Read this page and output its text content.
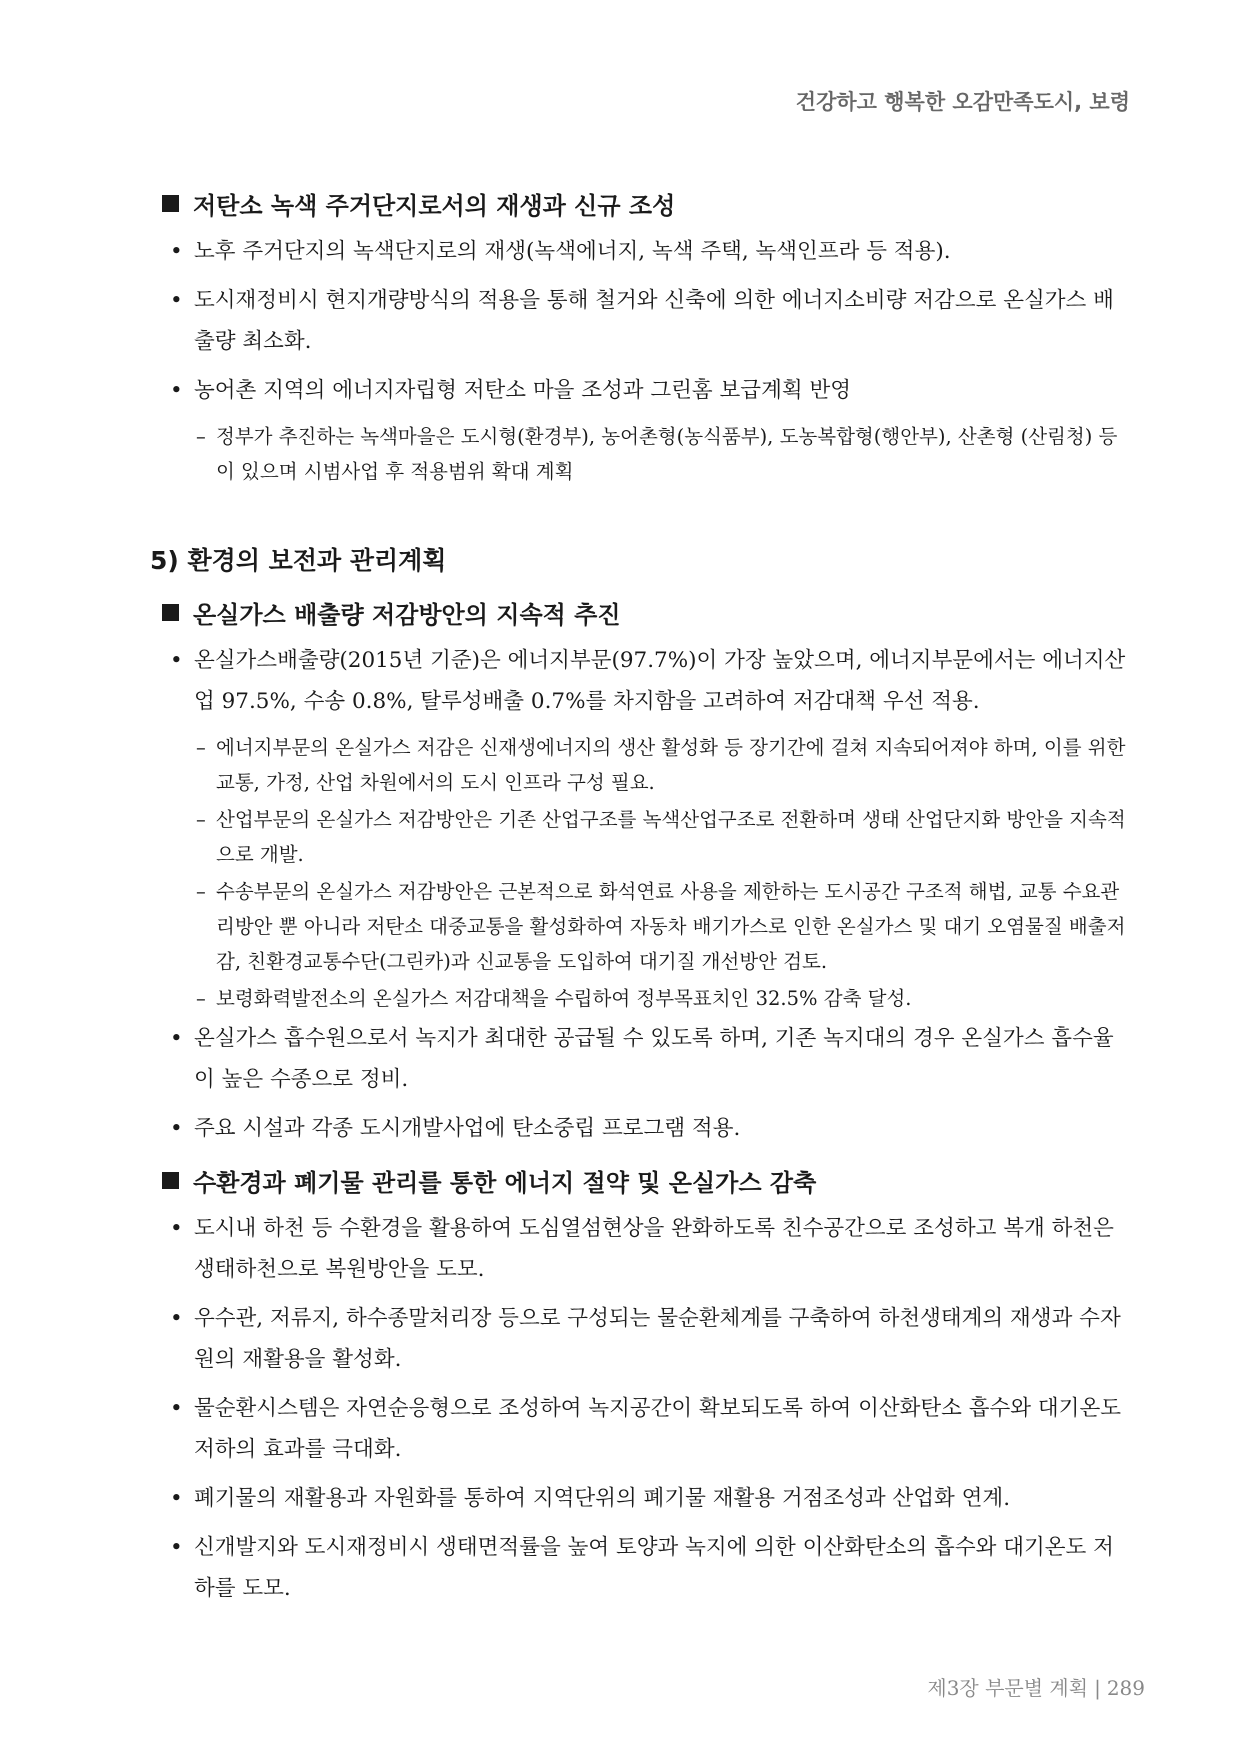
건강하고 행복한 오감만족도시, 보령
저탄소 녹색 주거단지로서의 재생과 신규 조성
• 노후 주거단지의 녹색단지로의 재생(녹색에너지, 녹색 주택, 녹색인프라 등 적용).
• 도시재정비시 현지개량방식의 적용을 통해 철거와 신축에 의한 에너지소비량 저감으로 온실가스 배출량 최소화.
• 농어촌 지역의 에너지자립형 저탄소 마을 조성과 그린홈 보급계획 반영
– 정부가 추진하는 녹색마을은 도시형(환경부), 농어촌형(농식품부), 도농복합형(행안부), 산촌형 (산림청) 등이 있으며 시범사업 후 적용범위 확대 계획
5) 환경의 보전과 관리계획
온실가스 배출량 저감방안의 지속적 추진
• 온실가스배출량(2015년 기준)은 에너지부문(97.7%)이 가장 높았으며, 에너지부문에서는 에너지산업 97.5%, 수송 0.8%, 탈루성배출 0.7%를 차지함을 고려하여 저감대책 우선 적용.
– 에너지부문의 온실가스 저감은 신재생에너지의 생산 활성화 등 장기간에 걸쳐 지속되어져야 하며, 이를 위한 교통, 가정, 산업 차원에서의 도시 인프라 구성 필요.
– 산업부문의 온실가스 저감방안은 기존 산업구조를 녹색산업구조로 전환하며 생태 산업단지화 방안을 지속적으로 개발.
– 수송부문의 온실가스 저감방안은 근본적으로 화석연료 사용을 제한하는 도시공간 구조적 해법, 교통 수요관리방안 뿐 아니라 저탄소 대중교통을 활성화하여 자동차 배기가스로 인한 온실가스 및 대기 오염물질 배출저감, 친환경교통수단(그린카)과 신교통을 도입하여 대기질 개선방안 검토.
– 보령화력발전소의 온실가스 저감대책을 수립하여 정부목표치인 32.5% 감축 달성.
• 온실가스 흡수원으로서 녹지가 최대한 공급될 수 있도록 하며, 기존 녹지대의 경우 온실가스 흡수율이 높은 수종으로 정비.
• 주요 시설과 각종 도시개발사업에 탄소중립 프로그램 적용.
수환경과 폐기물 관리를 통한 에너지 절약 및 온실가스 감축
• 도시내 하천 등 수환경을 활용하여 도심열섬현상을 완화하도록 친수공간으로 조성하고 복개 하천은 생태하천으로 복원방안을 도모.
• 우수관, 저류지, 하수종말처리장 등으로 구성되는 물순환체계를 구축하여 하천생태계의 재생과 수자원의 재활용을 활성화.
• 물순환시스템은 자연순응형으로 조성하여 녹지공간이 확보되도록 하여 이산화탄소 흡수와 대기온도 저하의 효과를 극대화.
• 폐기물의 재활용과 자원화를 통하여 지역단위의 폐기물 재활용 거점조성과 산업화 연계.
• 신개발지와 도시재정비시 생태면적률을 높여 토양과 녹지에 의한 이산화탄소의 흡수와 대기온도 저하를 도모.
제3장 부문별 계획 | 289
